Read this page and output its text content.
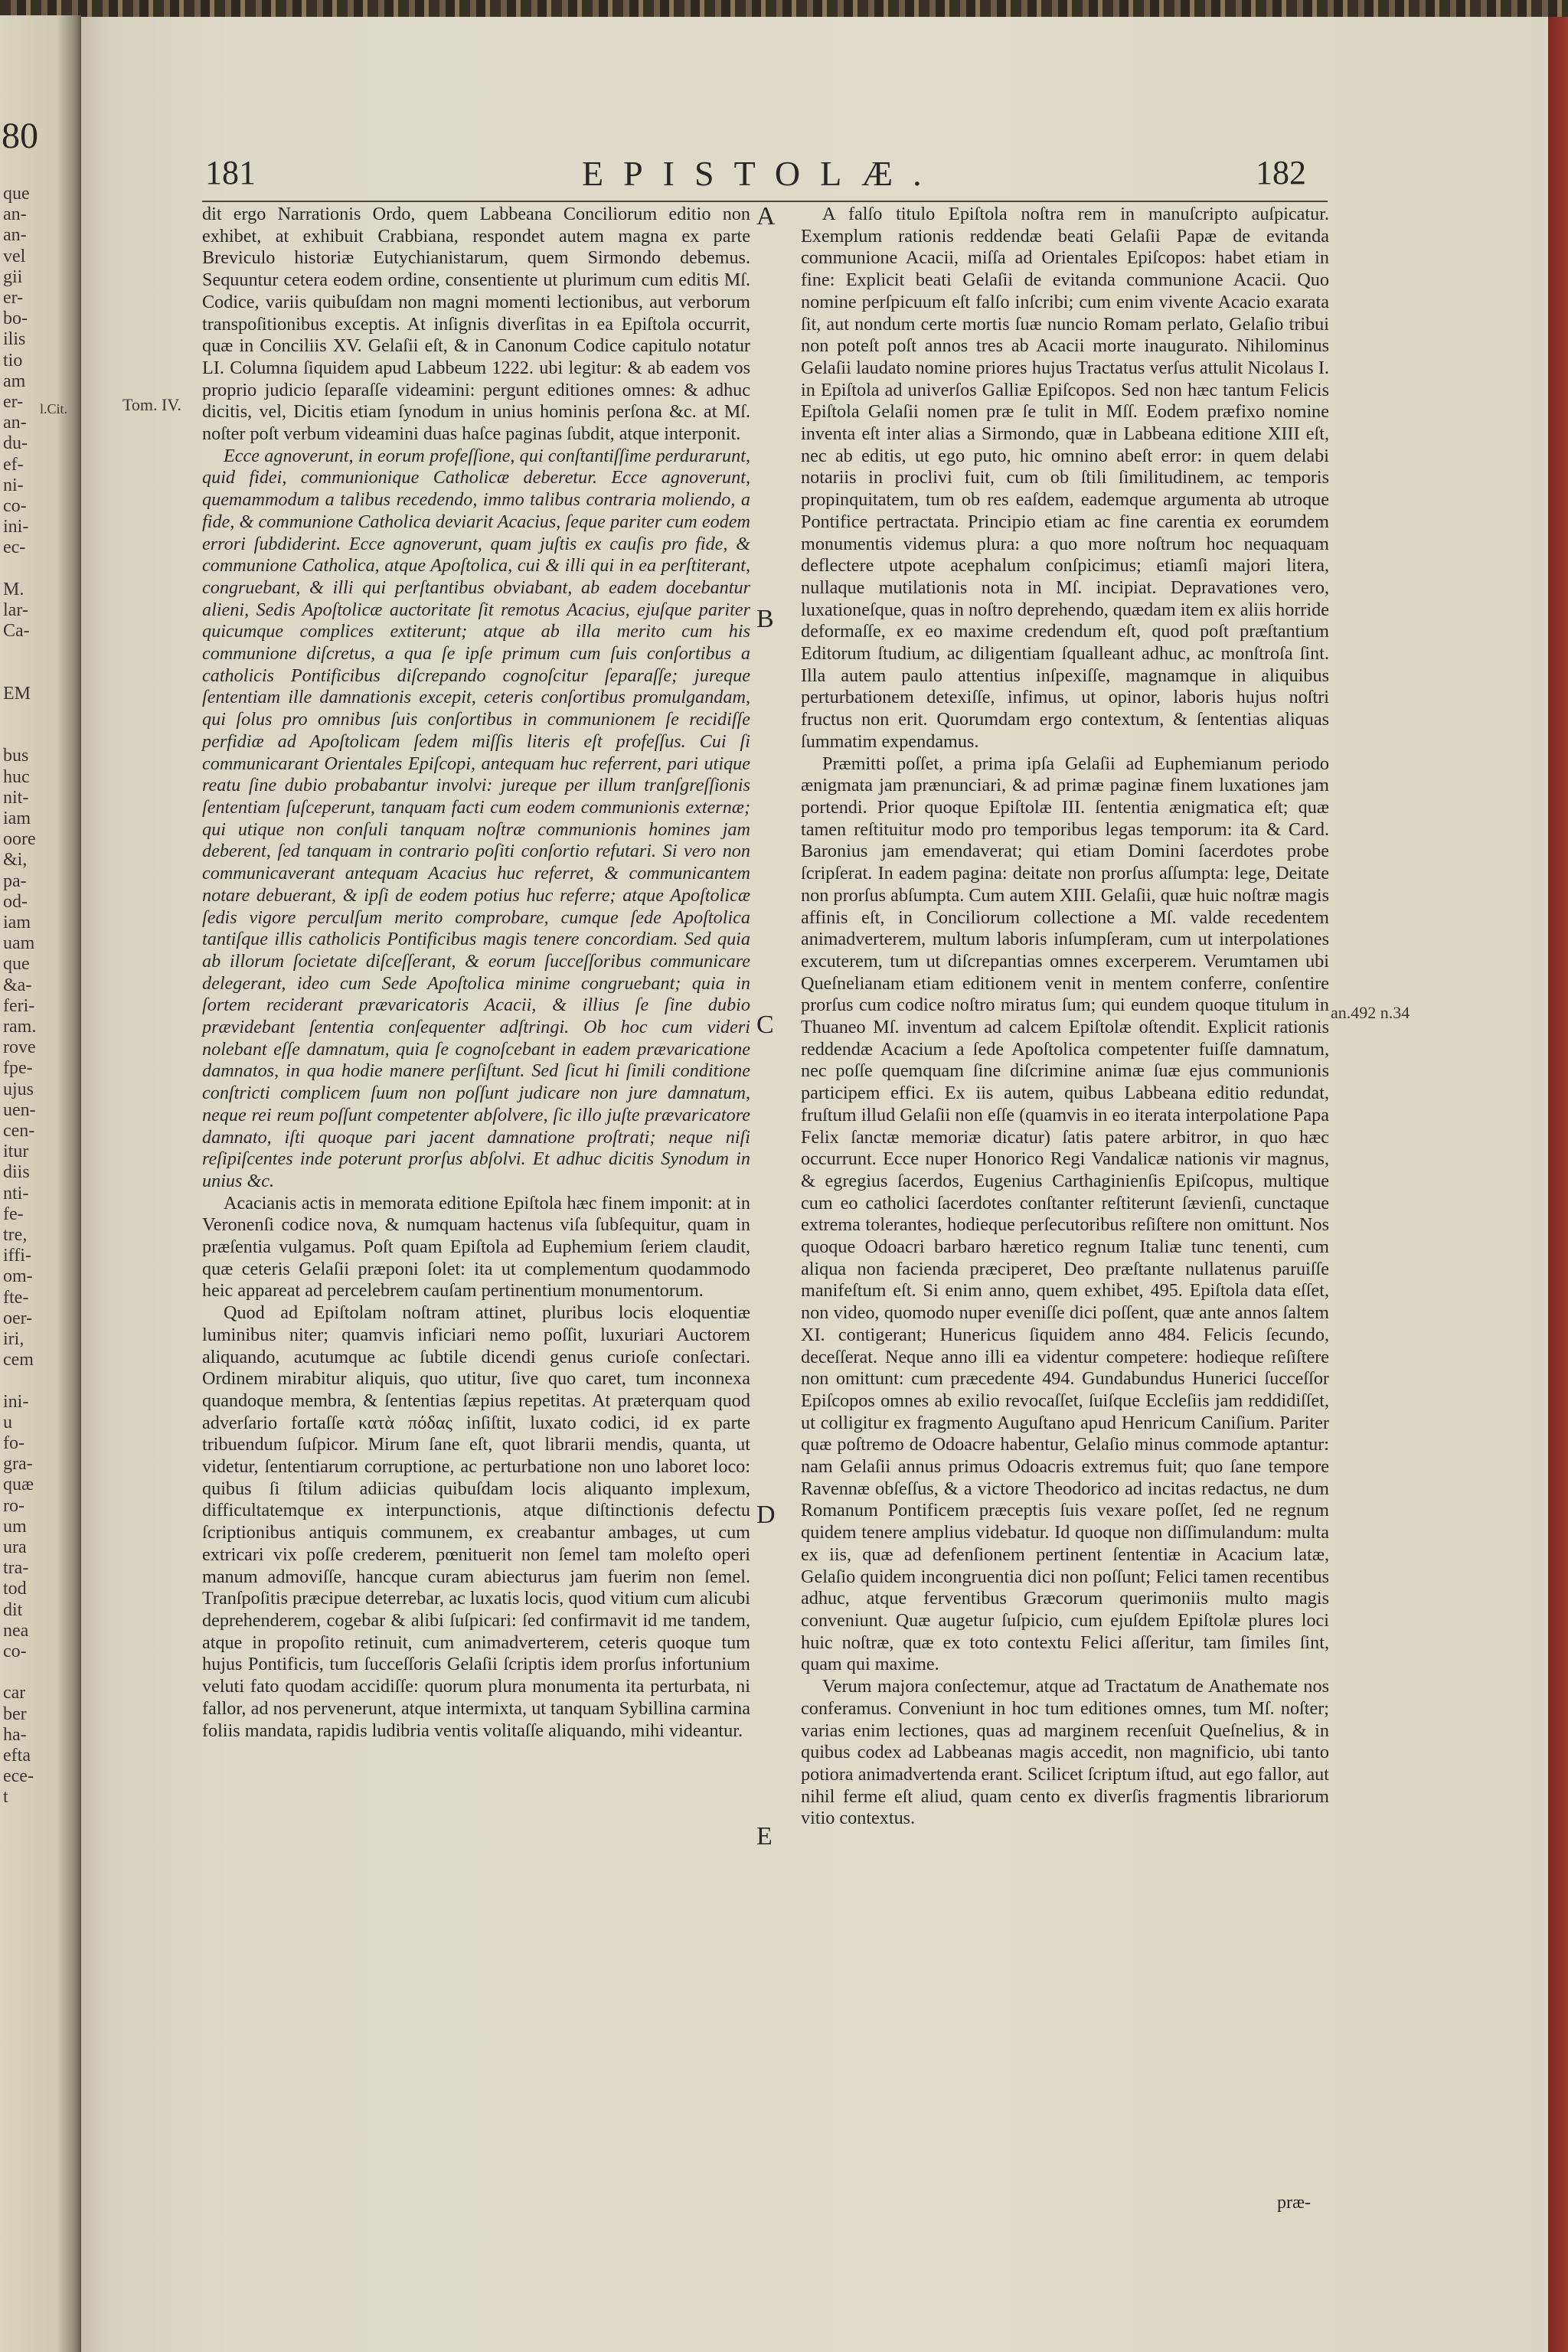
80
que
an-
an-
vel
gii
er-
bo-
ilis
tio
am
er-
an-
du-
ef-
ni-
co-
ini-
ec-
M.
lar-
Ca-
EM
bus
huc
nit-
iam
oore
&i,
pa-
od-
iam
uam
que
&a-
feri-
ram.
rove
fpe-
ujus
uen-
cen-
itur
diis
nti-
fe-
tre,
iffi-
om-
fte-
oer-
iri,
cem
ini-
u
fo-
gra-
quæ
ro-
um
ura
tra-
tod
dit
nea
co-
car
ber
ha-
efta
ece-
t
181	EPISTOLÆ.	182
Tom. IV.
l.Cit.
an.492 n.34
A
B
C
D
E

dit ergo Narrationis Ordo, quem Labbeana Conciliorum editio non exhibet, at exhibuit Crabbiana, respondet autem magna ex parte Breviculo historiæ Eutychianistarum, quem Sirmondo debemus. Sequuntur cetera eodem ordine, consentiente ut plurimum cum editis Mſ. Codice, variis quibuſdam non magni momenti lectionibus, aut verborum transpoſitionibus exceptis. At inſignis diverſitas in ea Epiſtola occurrit, quæ in Conciliis XV. Gelaſii eſt, & in Canonum Codice capitulo notatur LI. Columna ſiquidem apud Labbeum 1222. ubi legitur: & ab eadem vos proprio judicio ſeparaſſe videamini: pergunt editiones omnes: & adhuc dicitis, vel, Dicitis etiam ſynodum in unius hominis perſona &c. at Mſ. noſter poſt verbum videamini duas haſce paginas ſubdit, atque interponit.

Ecce agnoverunt, in eorum profeſſione, qui conſtantiſſime perdurarunt, quid fidei, communionique Catholicæ deberetur. Ecce agnoverunt, quemammodum a talibus recedendo, immo talibus contraria moliendo, a fide, & communione Catholica deviarit Acacius, ſeque pariter cum eodem errori ſubdiderint. Ecce agnoverunt, quam juſtis ex cauſis pro fide, & communione Catholica, atque Apoſtolica, cui & illi qui in ea perſtiterant, congruebant, & illi qui perſtantibus obviabant, ab eadem docebantur alieni, Sedis Apoſtolicæ auctoritate ſit remotus Acacius, ejuſque pariter quicumque complices extiterunt; atque ab illa merito cum his communione diſcretus, a qua ſe ipſe primum cum ſuis conſortibus a catholicis Pontificibus diſcrepando cognoſcitur ſeparaſſe; jureque ſententiam ille damnationis excepit, ceteris conſortibus promulgandam, qui ſolus pro omnibus ſuis conſortibus in communionem ſe recidiſſe perfidiæ ad Apoſtolicam ſedem miſſis literis eſt profeſſus. Cui ſi communicarant Orientales Epiſcopi, antequam huc referrent, pari utique reatu ſine dubio probabantur involvi: jureque per illum tranſgreſſionis ſententiam ſuſceperunt, tanquam facti cum eodem communionis externæ; qui utique non conſuli tanquam noſtræ communionis homines jam deberent, ſed tanquam in contrario poſiti conſortio refutari. Si vero non communicaverant antequam Acacius huc referret, & communicantem notare debuerant, & ipſi de eodem potius huc referre; atque Apoſtolicæ ſedis vigore perculſum merito comprobare, cumque ſede Apoſtolica tantiſque illis catholicis Pontificibus magis tenere concordiam. Sed quia ab illorum ſocietate diſceſſerant, & eorum ſucceſſoribus communicare delegerant, ideo cum Sede Apoſtolica minime congruebant; quia in ſortem reciderant prævaricatoris Acacii, & illius ſe ſine dubio prævidebant ſententia conſequenter adſtringi. Ob hoc cum videri nolebant eſſe damnatum, quia ſe cognoſcebant in eadem prævaricatione damnatos, in qua hodie manere perſiſtunt. Sed ſicut hi ſimili conditione conſtricti complicem ſuum non poſſunt judicare non jure damnatum, neque rei reum poſſunt competenter abſolvere, ſic illo juſte prævaricatore damnato, iſti quoque pari jacent damnatione proſtrati; neque niſi reſipiſcentes inde poterunt prorſus abſolvi. Et adhuc dicitis Synodum in unius &c.

Acacianis actis in memorata editione Epiſtola hæc finem imponit: at in Veronenſi codice nova, & numquam hactenus viſa ſubſequitur, quam in præſentia vulgamus. Poſt quam Epiſtola ad Euphemium ſeriem claudit, quæ ceteris Gelaſii præponi ſolet: ita ut complementum quodammodo heic appareat ad percelebrem cauſam pertinentium monumentorum.

Quod ad Epiſtolam noſtram attinet, pluribus locis eloquentiæ luminibus niter; quamvis inficiari nemo poſſit, luxuriari Auctorem aliquando, acutumque ac ſubtile dicendi genus curioſe conſectari. Ordinem mirabitur aliquis, quo utitur, ſive quo caret, tum inconnexa quandoque membra, & ſententias ſæpius repetitas. At præterquam quod adverſario fortaſſe κατὰ πόδας inſiſtit, luxato codici, id ex parte tribuendum ſuſpicor. Mirum ſane eſt, quot librarii mendis, quanta, ut videtur, ſententiarum corruptione, ac perturbatione non uno laboret loco: quibus ſi ſtilum adiicias quibuſdam locis aliquanto implexum, difficultatemque ex interpunctionis, atque diſtinctionis defectu ſcriptionibus antiquis communem, ex creabantur ambages, ut cum extricari vix poſſe crederem, pœnituerit non ſemel tam moleſto operi manum admoviſſe, hancque curam abiecturus jam fuerim non ſemel. Tranſpoſitis præcipue deterrebar, ac luxatis locis, quod vitium cum alicubi deprehenderem, cogebar & alibi ſuſpicari: ſed confirmavit id me tandem, atque in propoſito retinuit, cum animadverterem, ceteris quoque tum hujus Pontificis, tum ſucceſſoris Gelaſii ſcriptis idem prorſus infortunium veluti fato quodam accidiſſe: quorum plura monumenta ita perturbata, ni fallor, ad nos pervenerunt, atque intermixta, ut tanquam Sybillina carmina foliis mandata, rapidis ludibria ventis volitaſſe aliquando, mihi videantur.

A falſo titulo Epiſtola noſtra rem in manuſcripto auſpicatur. Exemplum rationis reddendæ beati Gelaſii Papæ de evitanda communione Acacii, miſſa ad Orientales Epiſcopos: habet etiam in fine: Explicit beati Gelaſii de evitanda communione Acacii. Quo nomine perſpicuum eſt falſo inſcribi; cum enim vivente Acacio exarata ſit, aut nondum certe mortis ſuæ nuncio Romam perlato, Gelaſio tribui non poteſt poſt annos tres ab Acacii morte inaugurato. Nihilominus Gelaſii laudato nomine priores hujus Tractatus verſus attulit Nicolaus I. in Epiſtola ad univerſos Galliæ Epiſcopos. Sed non hæc tantum Felicis Epiſtola Gelaſii nomen præ ſe tulit in Mſſ. Eodem præfixo nomine inventa eſt inter alias a Sirmondo, quæ in Labbeana editione XIII eſt, nec ab editis, ut ego puto, hic omnino abeſt error: in quem delabi notariis in proclivi fuit, cum ob ſtili ſimilitudinem, ac temporis propinquitatem, tum ob res eaſdem, eademque argumenta ab utroque Pontifice pertractata. Principio etiam ac fine carentia ex eorumdem monumentis videmus plura: a quo more noſtrum hoc nequaquam deflectere utpote acephalum conſpicimus; etiamſi majori litera, nullaque mutilationis nota in Mſ. incipiat. Depravationes vero, luxationeſque, quas in noſtro deprehendo, quædam item ex aliis horride deformaſſe, ex eo maxime credendum eſt, quod poſt præſtantium Editorum ſtudium, ac diligentiam ſqualleant adhuc, ac monſtroſa ſint. Illa autem paulo attentius inſpexiſſe, magnamque in aliquibus perturbationem detexiſſe, infimus, ut opinor, laboris hujus noſtri fructus non erit. Quorumdam ergo contextum, & ſententias aliquas ſummatim expendamus.

Præmitti poſſet, a prima ipſa Gelaſii ad Euphemianum periodo ænigmata jam prænunciari, & ad primæ paginæ finem luxationes jam portendi. Prior quoque Epiſtolæ III. ſententia ænigmatica eſt; quæ tamen reſtituitur modo pro temporibus legas temporum: ita & Card. Baronius jam emendaverat; qui etiam Domini ſacerdotes probe ſcripſerat. In eadem pagina: deitate non prorſus aſſumpta: lege, Deitate non prorſus abſumpta. Cum autem XIII. Gelaſii, quæ huic noſtræ magis affinis eſt, in Conciliorum collectione a Mſ. valde recedentem animadverterem, multum laboris inſumpſeram, cum ut interpolationes excuterem, tum ut diſcrepantias omnes excerperem. Verumtamen ubi Queſnelianam etiam editionem venit in mentem conferre, conſentire prorſus cum codice noſtro miratus ſum; qui eundem quoque titulum in Thuaneo Mſ. inventum ad calcem Epiſtolæ oſtendit. Explicit rationis reddendæ Acacium a ſede Apoſtolica competenter fuiſſe damnatum, nec poſſe quemquam ſine diſcrimine animæ ſuæ ejus communionis participem effici. Ex iis autem, quibus Labbeana editio redundat, fruſtum illud Gelaſii non eſſe (quamvis in eo iterata interpolatione Papa Felix ſanctæ memoriæ dicatur) ſatis patere arbitror, in quo hæc occurrunt. Ecce nuper Honorico Regi Vandalicæ nationis vir magnus, & egregius ſacerdos, Eugenius Carthaginienſis Epiſcopus, multique cum eo catholici ſacerdotes conſtanter reſtiterunt ſævienſi, cunctaque extrema tolerantes, hodieque perſecutoribus reſiſtere non omittunt. Nos quoque Odoacri barbaro hæretico regnum Italiæ tunc tenenti, cum aliqua non facienda præciperet, Deo præſtante nullatenus paruiſſe manifeſtum eſt. Si enim anno, quem exhibet, 495. Epiſtola data eſſet, non video, quomodo nuper eveniſſe dici poſſent, quæ ante annos ſaltem XI. contigerant; Hunericus ſiquidem anno 484. Felicis ſecundo, deceſſerat. Neque anno illi ea videntur competere: hodieque reſiſtere non omittunt: cum præcedente 494. Gundabundus Hunerici ſucceſſor Epiſcopos omnes ab exilio revocaſſet, ſuiſque Eccleſiis jam reddidiſſet, ut colligitur ex fragmento Auguſtano apud Henricum Caniſium. Pariter quæ poſtremo de Odoacre habentur, Gelaſio minus commode aptantur: nam Gelaſii annus primus Odoacris extremus fuit; quo ſane tempore Ravennæ obſeſſus, & a victore Theodorico ad incitas redactus, ne dum Romanum Pontificem præceptis ſuis vexare poſſet, ſed ne regnum quidem tenere amplius videbatur. Id quoque non diſſimulandum: multa ex iis, quæ ad defenſionem pertinent ſententiæ in Acacium latæ, Gelaſio quidem incongruentia dici non poſſunt; Felici tamen recentibus adhuc, atque ferventibus Græcorum querimoniis multo magis conveniunt. Quæ augetur ſuſpicio, cum ejuſdem Epiſtolæ plures loci huic noſtræ, quæ ex toto contextu Felici aſſeritur, tam ſimiles ſint, quam qui maxime.

Verum majora conſectemur, atque ad Tractatum de Anathemate nos conferamus. Conveniunt in hoc tum editiones omnes, tum Mſ. noſter; varias enim lectiones, quas ad marginem recenſuit Queſnelius, & in quibus codex ad Labbeanas magis accedit, non magnificio, ubi tanto potiora animadvertenda erant. Scilicet ſcriptum iſtud, aut ego fallor, aut nihil ferme eſt aliud, quam cento ex diverſis fragmentis librariorum vitio contextus.

præ-
